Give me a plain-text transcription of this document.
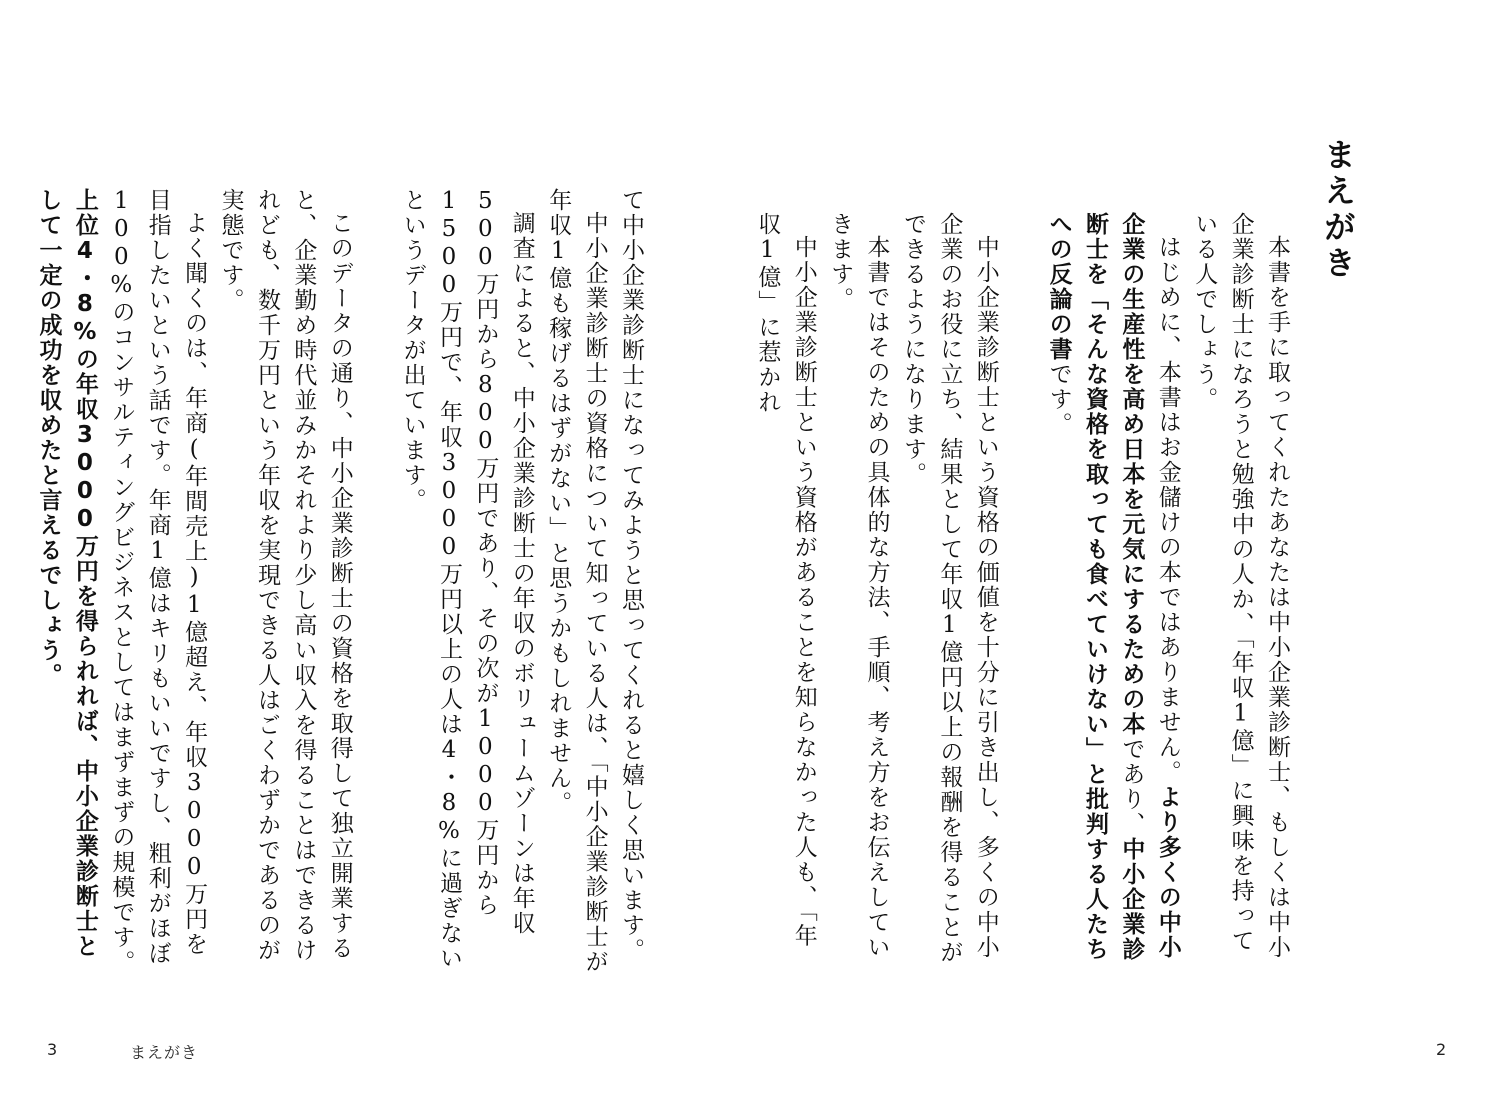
まえがき

本書を手に取ってくれたあなたは中小企業診断士、もしくは中小企業診断士になろうと勉強中の人か、「年収1億」に興味を持っている人でしょう。

はじめに、本書はお金儲けの本ではありません。より多くの中小企業の生産性を高め日本を元気にするための本であり、中小企業診断士を「そんな資格を取っても食べていけない」と批判する人たちへの反論の書です。

中小企業診断士という資格の価値を十分に引き出し、多くの中小企業のお役に立ち、結果として年収1億円以上の報酬を得ることができるようになります。

本書ではそのための具体的な方法、手順、考え方をお伝えしていきます。

中小企業診断士という資格があることを知らなかった人も、「年収1億」に惹かれ

2

て中小企業診断士になってみようと思ってくれると嬉しく思います。

中小企業診断士の資格について知っている人は、「中小企業診断士が年収1億も稼げるはずがない」と思うかもしれません。

調査によると、中小企業診断士の年収のボリュームゾーンは年収500万円から800万円であり、その次が1000万円から1500万円で、年収3000万円以上の人は4・8%に過ぎないというデータが出ています。

このデータの通り、中小企業診断士の資格を取得して独立開業すると、企業勤め時代並みかそれより少し高い収入を得ることはできるけれども、数千万円という年収を実現できる人はごくわずかであるのが実態です。

よく聞くのは、年商(年間売上)1億超え、年収3000万円を目指したいという話です。年商1億はキリもいいですし、粗利がほぼ100%のコンサルティングビジネスとしてはまずまずの規模です。上位4・8%の年収3000万円を得られれば、中小企業診断士として一定の成功を収めたと言えるでしょう。

3	まえがき
